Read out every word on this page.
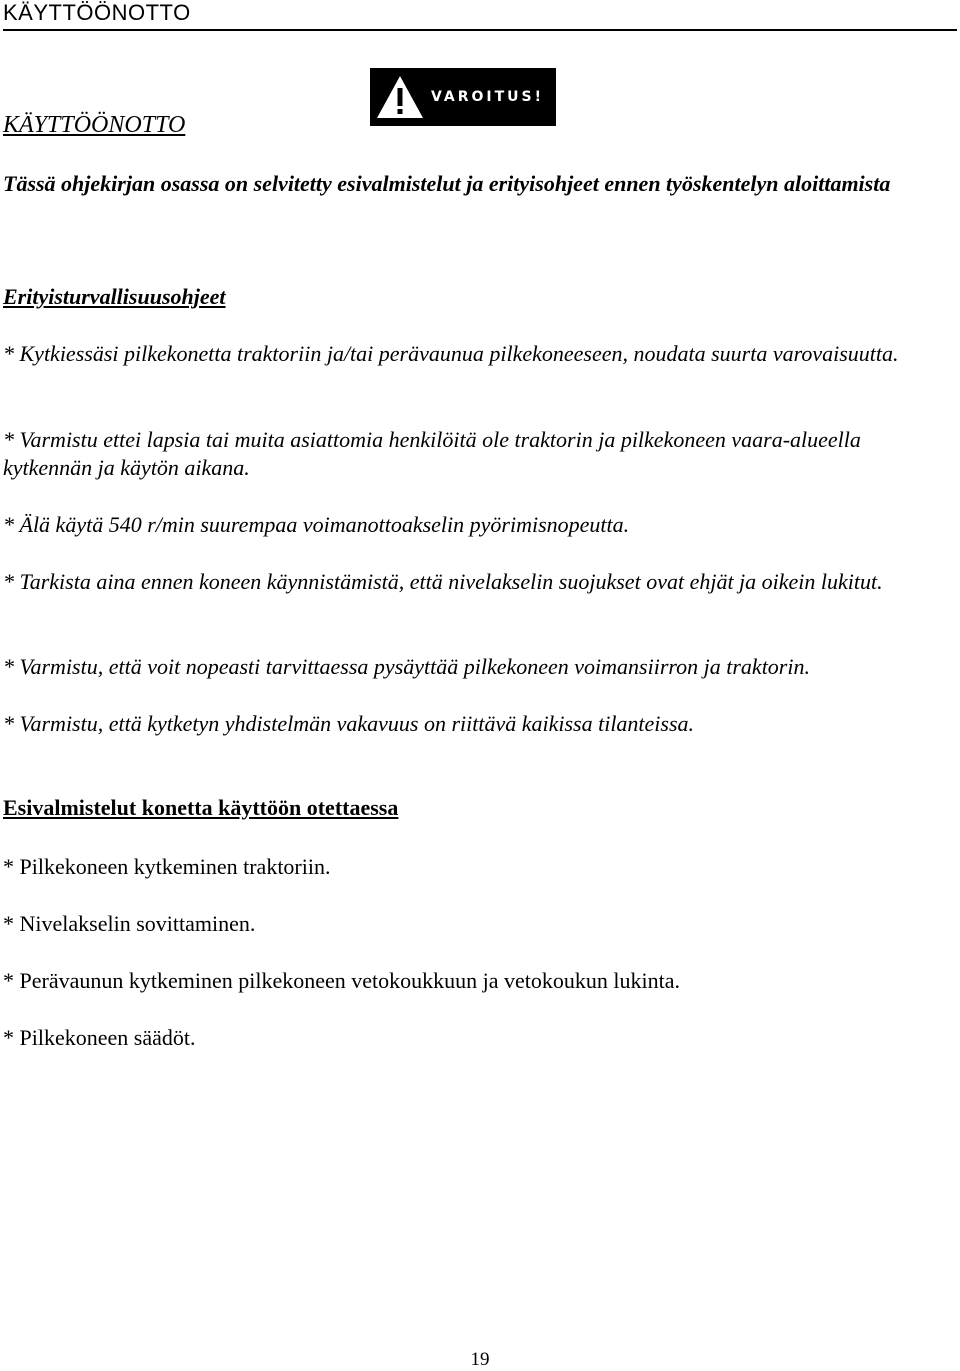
KÄYTTÖÖNOTTO
VAROITUS!
KÄYTTÖÖNOTTO
Tässä ohjekirjan osassa on selvitetty esivalmistelut ja erityisohjeet ennen työskentelyn aloittamista
Erityisturvallisuusohjeet
* Kytkiessäsi pilkekonetta traktoriin ja/tai perävaunua pilkekoneeseen, noudata suurta varovaisuutta.
* Varmistu ettei lapsia tai muita asiattomia henkilöitä ole traktorin ja pilkekoneen vaara-alueella kytkennän ja käytön aikana.
* Älä käytä 540 r/min suurempaa voimanottoakselin pyörimisnopeutta.
* Tarkista aina ennen koneen käynnistämistä, että nivelakselin suojukset ovat ehjät ja oikein lukitut.
* Varmistu, että voit nopeasti tarvittaessa pysäyttää pilkekoneen voimansiirron ja traktorin.
* Varmistu, että kytketyn yhdistelmän vakavuus on riittävä kaikissa tilanteissa.
Esivalmistelut konetta käyttöön otettaessa
* Pilkekoneen kytkeminen traktoriin.
* Nivelakselin sovittaminen.
* Perävaunun kytkeminen pilkekoneen vetokoukkuun ja vetokoukun lukinta.
* Pilkekoneen säädöt.
19
